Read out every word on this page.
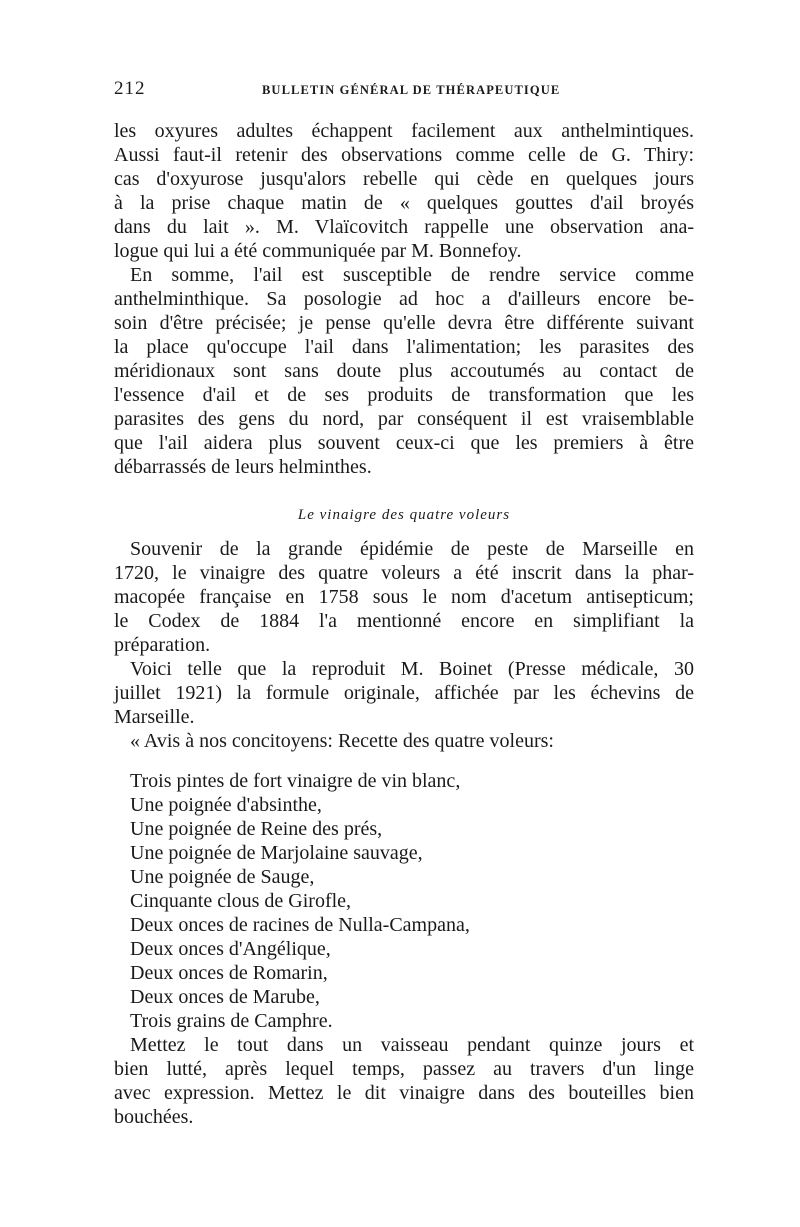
212	BULLETIN GÉNÉRAL DE THÉRAPEUTIQUE
les oxyures adultes échappent facilement aux anthelmintiques.
Aussi faut-il retenir des observations comme celle de G. Thiry:
cas d'oxyurose jusqu'alors rebelle qui cède en quelques jours
à la prise chaque matin de « quelques gouttes d'ail broyés
dans du lait ». M. Vlaïcovitch rappelle une observation ana-
logue qui lui a été communiquée par M. Bonnefoy.
En somme, l'ail est susceptible de rendre service comme
anthelminthique. Sa posologie ad hoc a d'ailleurs encore be-
soin d'être précisée; je pense qu'elle devra être différente suivant
la place qu'occupe l'ail dans l'alimentation; les parasites des
méridionaux sont sans doute plus accoutumés au contact de
l'essence d'ail et de ses produits de transformation que les
parasites des gens du nord, par conséquent il est vraisemblable
que l'ail aidera plus souvent ceux-ci que les premiers à être
débarrassés de leurs helminthes.
Le vinaigre des quatre voleurs
Souvenir de la grande épidémie de peste de Marseille en
1720, le vinaigre des quatre voleurs a été inscrit dans la phar-
macopée française en 1758 sous le nom d'acetum antisepticum;
le Codex de 1884 l'a mentionné encore en simplifiant la
préparation.
Voici telle que la reproduit M. Boinet (Presse médicale, 30
juillet 1921) la formule originale, affichée par les échevins de
Marseille.
« Avis à nos concitoyens: Recette des quatre voleurs:
Trois pintes de fort vinaigre de vin blanc,
Une poignée d'absinthe,
Une poignée de Reine des prés,
Une poignée de Marjolaine sauvage,
Une poignée de Sauge,
Cinquante clous de Girofle,
Deux onces de racines de Nulla-Campana,
Deux onces d'Angélique,
Deux onces de Romarin,
Deux onces de Marube,
Trois grains de Camphre.
Mettez le tout dans un vaisseau pendant quinze jours et
bien lutté, après lequel temps, passez au travers d'un linge
avec expression. Mettez le dit vinaigre dans des bouteilles bien
bouchées.
